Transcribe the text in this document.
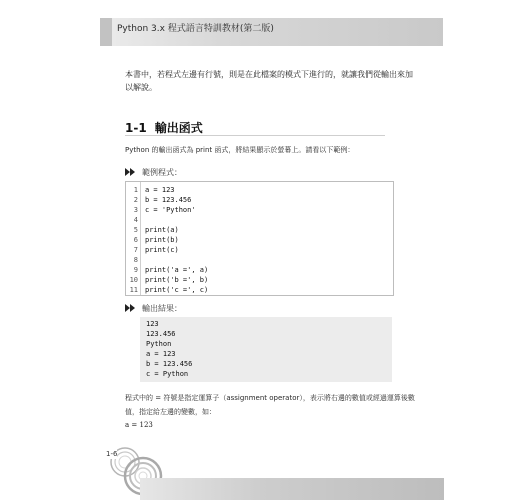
Python 3.x 程式語言特訓教材(第二版)
本書中，若程式左邊有行號，則是在此檔案的模式下進行的，就讓我們從輸出來加以解說。
1-1 輸出函式
Python 的輸出函式為 print 函式，將結果顯示於螢幕上。請看以下範例：
範例程式：
1 a = 123
2 b = 123.456
3 c = 'Python'
4
5 print(a)
6 print(b)
7 print(c)
8
9 print('a =', a)
10 print('b =', b)
11 print('c =', c)
輸出結果：
123
123.456
Python
a = 123
b = 123.456
c = Python
程式中的 = 符號是指定運算子（assignment operator），表示將右邊的數值或經過運算後數值，指定給左邊的變數，如：
a = 123
1-6
